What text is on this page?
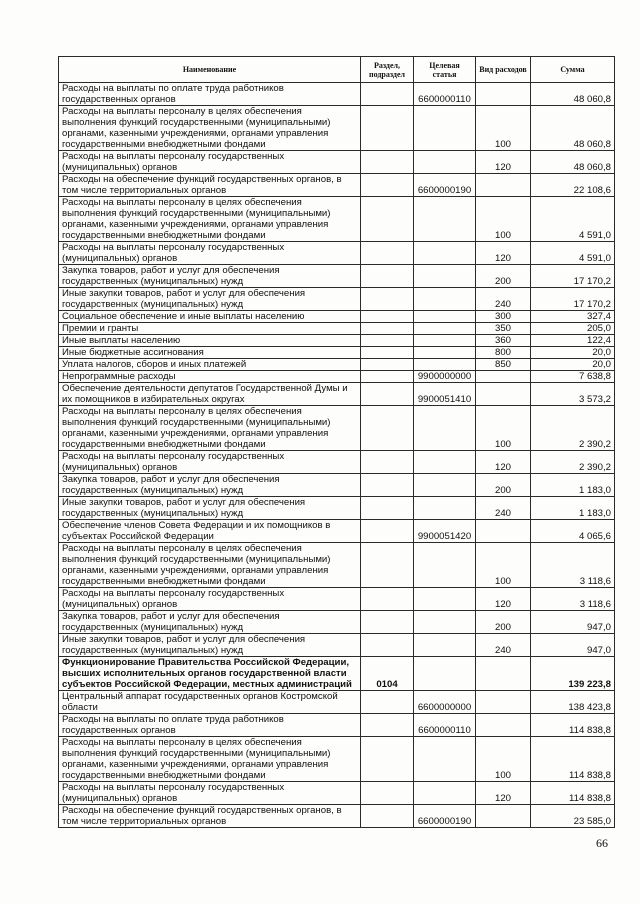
Наименование	Раздел, подраздел	Целевая статья	Вид расходов	Сумма
Расходы на выплаты по оплате труда работников государственных органов		6600000110		48 060,8
Расходы на выплаты персоналу в целях обеспечения выполнения функций государственными (муниципальными) органами, казенными учреждениями, органами управления государственными внебюджетными фондами			100	48 060,8
Расходы на выплаты персоналу государственных (муниципальных) органов			120	48 060,8
Расходы на обеспечение функций государственных органов, в том числе территориальных органов		6600000190		22 108,6
Расходы на выплаты персоналу в целях обеспечения выполнения функций государственными (муниципальными) органами, казенными учреждениями, органами управления государственными внебюджетными фондами			100	4 591,0
Расходы на выплаты персоналу государственных (муниципальных) органов			120	4 591,0
Закупка товаров, работ и услуг для обеспечения государственных (муниципальных) нужд			200	17 170,2
Иные закупки товаров, работ и услуг для обеспечения государственных (муниципальных) нужд			240	17 170,2
Социальное обеспечение и иные выплаты населению			300	327,4
Премии и гранты			350	205,0
Иные выплаты населению			360	122,4
Иные бюджетные ассигнования			800	20,0
Уплата налогов, сборов и иных платежей			850	20,0
Непрограммные расходы		9900000000		7 638,8
Обеспечение деятельности депутатов Государственной Думы и их помощников в избирательных округах		9900051410		3 573,2
Расходы на выплаты персоналу в целях обеспечения выполнения функций государственными (муниципальными) органами, казенными учреждениями, органами управления государственными внебюджетными фондами			100	2 390,2
Расходы на выплаты персоналу государственных (муниципальных) органов			120	2 390,2
Закупка товаров, работ и услуг для обеспечения государственных (муниципальных) нужд			200	1 183,0
Иные закупки товаров, работ и услуг для обеспечения государственных (муниципальных) нужд			240	1 183,0
Обеспечение членов Совета Федерации и их помощников в субъектах Российской Федерации		9900051420		4 065,6
Расходы на выплаты персоналу в целях обеспечения выполнения функций государственными (муниципальными) органами, казенными учреждениями, органами управления государственными внебюджетными фондами			100	3 118,6
Расходы на выплаты персоналу государственных (муниципальных) органов			120	3 118,6
Закупка товаров, работ и услуг для обеспечения государственных (муниципальных) нужд			200	947,0
Иные закупки товаров, работ и услуг для обеспечения государственных (муниципальных) нужд			240	947,0
Функционирование Правительства Российской Федерации, высших исполнительных органов государственной власти субъектов Российской Федерации, местных администраций	0104			139 223,8
Центральный аппарат государственных органов Костромской области		6600000000		138 423,8
Расходы на выплаты по оплате труда работников государственных органов		6600000110		114 838,8
Расходы на выплаты персоналу в целях обеспечения выполнения функций государственными (муниципальными) органами, казенными учреждениями, органами управления государственными внебюджетными фондами			100	114 838,8
Расходы на выплаты персоналу государственных (муниципальных) органов			120	114 838,8
Расходы на обеспечение функций государственных органов, в том числе территориальных органов		6600000190		23 585,0
66
